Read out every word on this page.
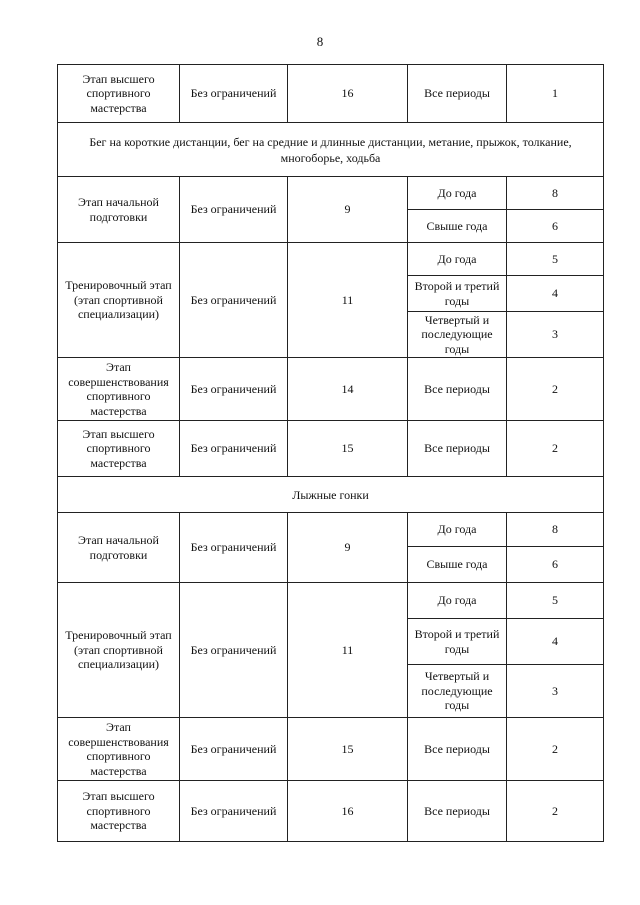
8
Этап высшего спортивного мастерства	Без ограничений	16	Все периоды	1
Бег на короткие дистанции, бег на средние и длинные дистанции, метание, прыжок, толкание, многоборье, ходьба				
Этап начальной подготовки	Без ограничений	9	До года	8
			Свыше года	6
Тренировочный этап (этап спортивной специализации)	Без ограничений	11	До года	5
			Второй и третий годы	4
			Четвертый и последующие годы	3
Этап совершенствования спортивного мастерства	Без ограничений	14	Все периоды	2
Этап высшего спортивного мастерства	Без ограничений	15	Все периоды	2
Лыжные гонки				
Этап начальной подготовки	Без ограничений	9	До года	8
			Свыше года	6
Тренировочный этап (этап спортивной специализации)	Без ограничений	11	До года	5
			Второй и третий годы	4
			Четвертый и последующие годы	3
Этап совершенствования спортивного мастерства	Без ограничений	15	Все периоды	2
Этап высшего спортивного мастерства	Без ограничений	16	Все периоды	2
